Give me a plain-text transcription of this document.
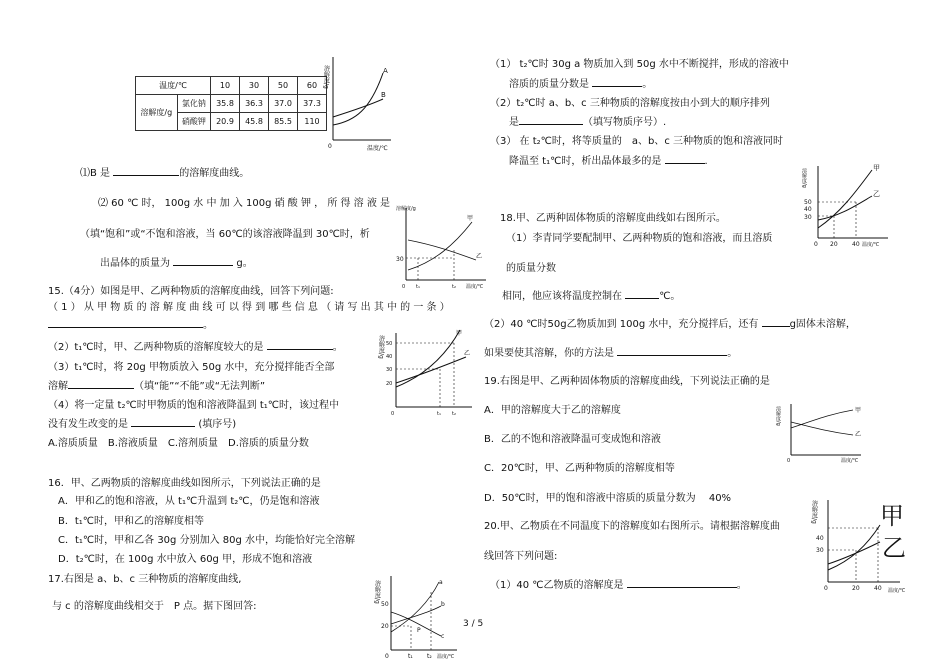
温度/℃		10	30	50	60
溶解度/g	氯化钠	35.8	36.3	37.0	37.3
	硝酸钾	20.9	45.8	85.5	110
溶解度/g	A
B
0	温度/℃
溶解度/g
甲
乙
30
0 t₁	t₂ 温度/℃
溶解度/g
甲
乙
50
40
30
20
0	t₁ t₂
溶解度/g	甲
乙
50
40
30
0 20 40 温度/℃
溶解度/g	甲
乙
0	温度/℃
溶解度/g	甲
乙
40
30
0	20 40 温度/℃
溶解度/g	a
b
c
P
50
20
0	t₁ t₂ 温度/℃
⑴B 是	的溶解度曲线。
⑵ 60 ℃ 时， 100g 水 中 加 入 100g 硝 酸 钾 ， 所 得 溶 液 是
（填“饱和”或“不饱和溶液，当 60℃的该溶液降温到 30℃时，析
出晶体的质量为	g。
15.（4分）如图是甲、乙两种物质的溶解度曲线，回答下列问题:
（ 1 ） 从 甲 物 质 的 溶 解 度 曲 线 可 以 得 到 哪 些 信 息 （ 请 写 出 其 中 的 一 条 ）
。
（2）t₁℃时，甲、乙两种物质的溶解度较大的是	。
（3）t₁℃时，将 20g 甲物质放入 50g 水中，充分搅拌能否全部
溶解	（填“能”“不能”或“无法判断”
（4）将一定量 t₂℃时甲物质的饱和溶液降温到 t₁℃时，该过程中
没有发生改变的是	(填序号)
A.溶质质量　B.溶液质量　C.溶剂质量　D.溶质的质量分数
16．甲、乙两物质的溶解度曲线如图所示，下列说法正确的是
A．甲和乙的饱和溶液，从 t₁℃升温到 t₂℃，仍是饱和溶液
B．t₁℃时，甲和乙的溶解度相等
C．t₁℃时，甲和乙各 30g 分别加入 80g 水中，均能恰好完全溶解
D．t₂℃时，在 100g 水中放入 60g 甲，形成不饱和溶液
17.右图是 a、b、c 三种物质的溶解度曲线,
与 c 的溶解度曲线相交于　P 点。据下图回答:
（1） t₂℃时 30g a 物质加入到 50g 水中不断搅拌，形成的溶液中
溶质的质量分数是	。
（2）t₂℃时 a、b、c 三种物质的溶解度按由小到大的顺序排列
是	（填写物质序号）.
（3） 在 t₂℃时，将等质量的　a、b、c 三种物质的饱和溶液同时
降温至 t₁℃时，析出晶体最多的是	.
18.甲、乙两种固体物质的溶解度曲线如右图所示。
（1）李青同学要配制甲、乙两种物质的饱和溶液，而且溶质
的质量分数
相同，他应该将温度控制在	℃。
（2）40 ℃时50g乙物质加到 100g 水中，充分搅拌后，还有	g固体未溶解，
如果要使其溶解，你的方法是	。
19.右图是甲、乙两种固体物质的溶解度曲线，下列说法正确的是
A．甲的溶解度大于乙的溶解度
B．乙的不饱和溶液降温可变成饱和溶液
C．20℃时，甲、乙两种物质的溶解度相等
D．50℃时，甲的饱和溶液中溶质的质量分数为　 40%
20.甲、乙物质在不同温度下的溶解度如右图所示。请根据溶解度曲
线回答下列问题:
（1）40 ℃乙物质的溶解度是	。
3 / 5
